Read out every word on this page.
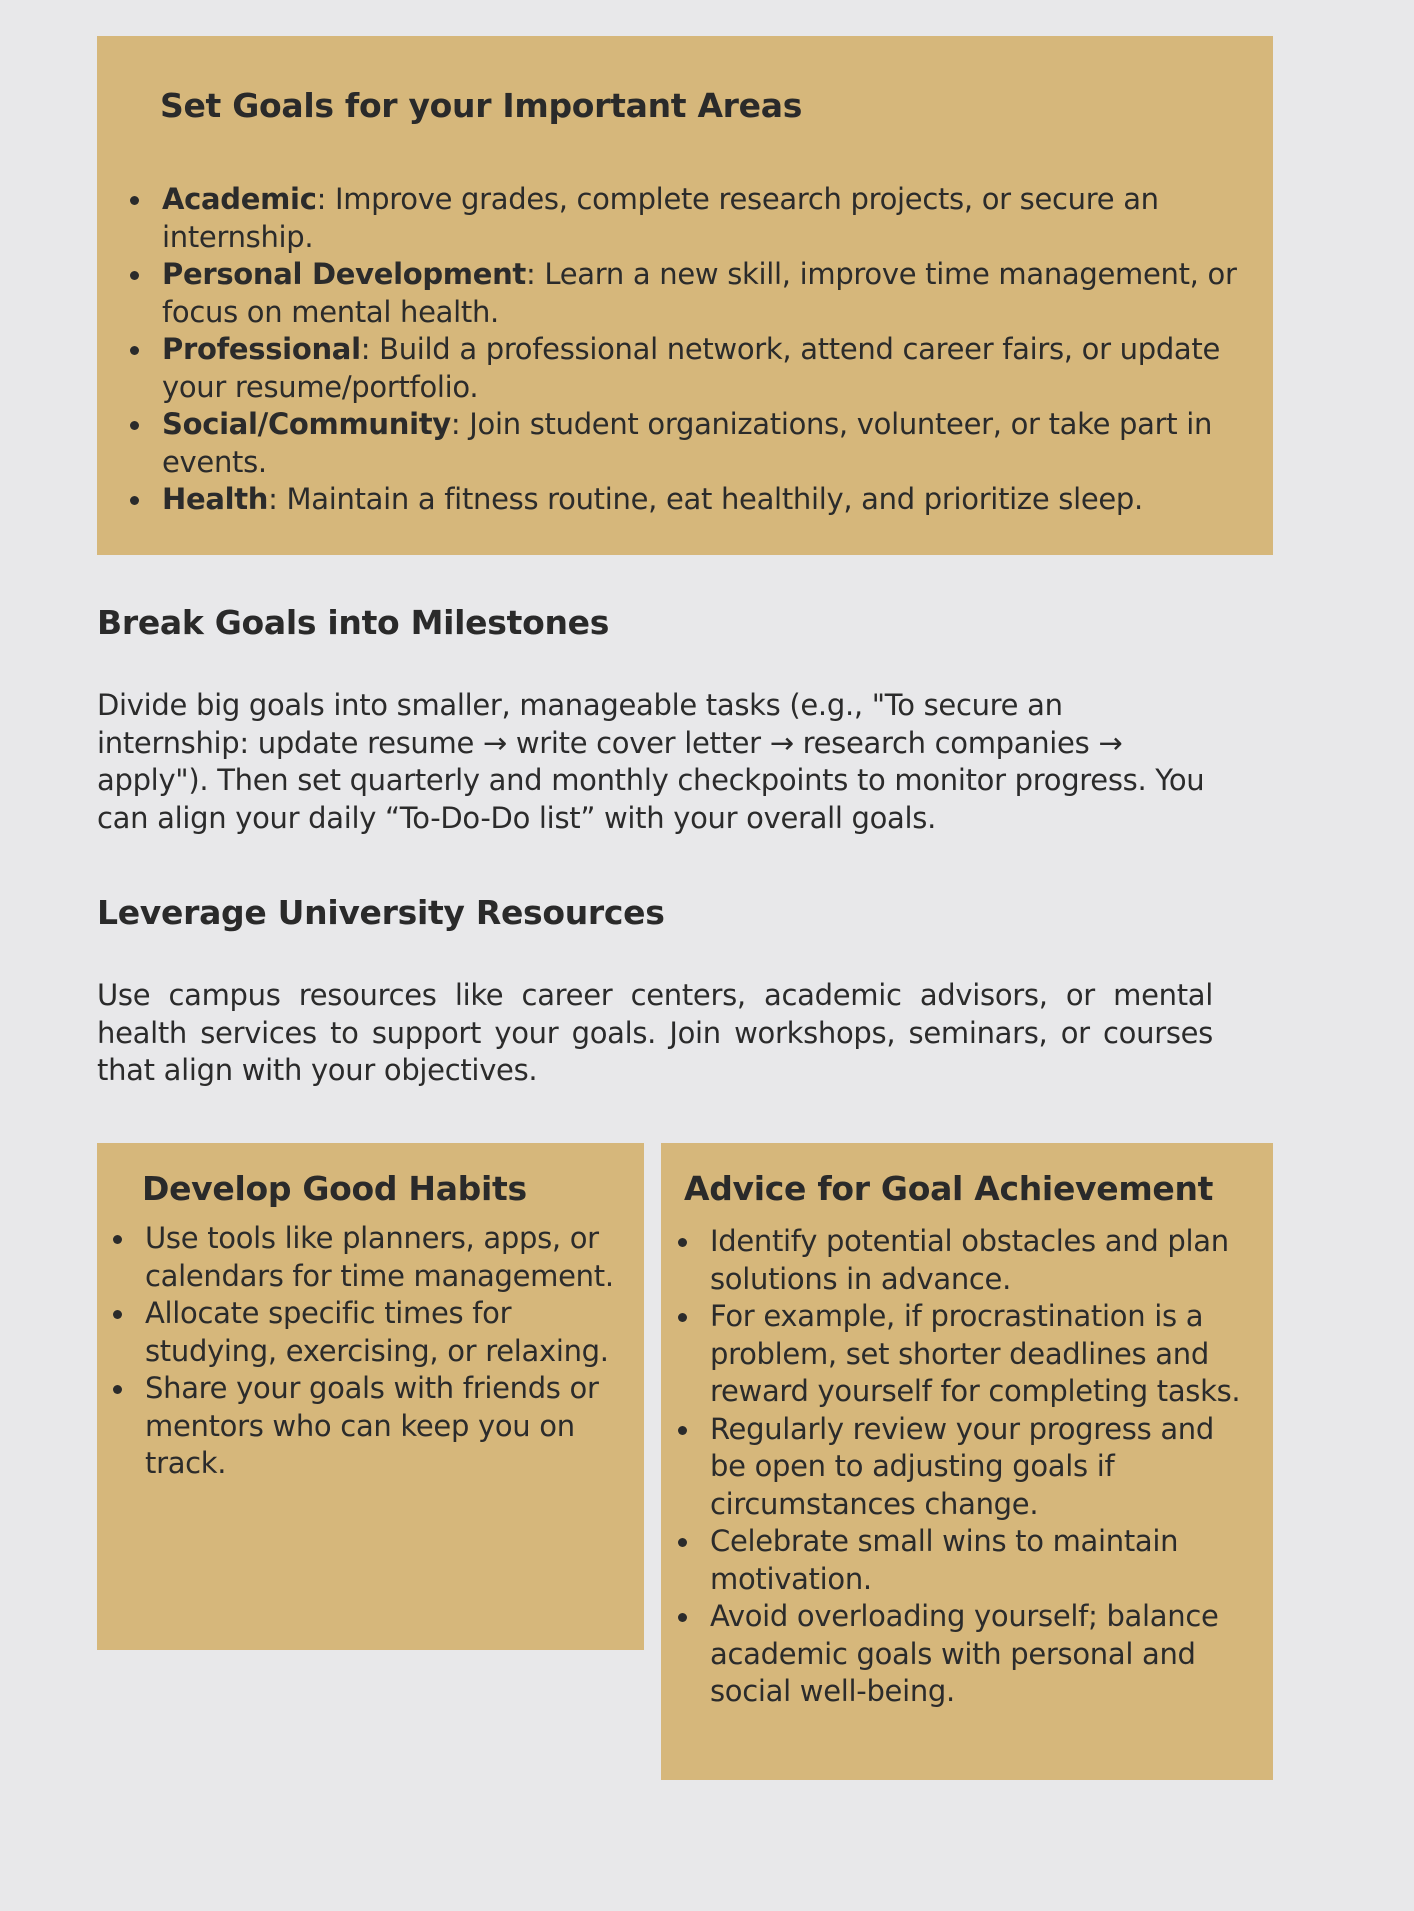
Set Goals for your Important Areas
Academic: Improve grades, complete research projects, or secure an internship.
Personal Development: Learn a new skill, improve time management, or focus on mental health.
Professional: Build a professional network, attend career fairs, or update your resume/portfolio.
Social/Community: Join student organizations, volunteer, or take part in events.
Health: Maintain a fitness routine, eat healthily, and prioritize sleep.
Break Goals into Milestones

Divide big goals into smaller, manageable tasks (e.g., "To secure an internship: update resume → write cover letter → research companies → apply"). Then set quarterly and monthly checkpoints to monitor progress. You can align your daily “To-Do-Do list” with your overall goals.

Leverage University Resources

Use campus resources like career centers, academic advisors, or mental health services to support your goals. Join workshops, seminars, or courses that align with your objectives.

Develop Good Habits
Use tools like planners, apps, or calendars for time management.
Allocate specific times for studying, exercising, or relaxing.
Share your goals with friends or mentors who can keep you on track.
Advice for Goal Achievement
Identify potential obstacles and plan solutions in advance.
For example, if procrastination is a problem, set shorter deadlines and reward yourself for completing tasks.
Regularly review your progress and be open to adjusting goals if circumstances change.
Celebrate small wins to maintain motivation.
Avoid overloading yourself; balance academic goals with personal and social well-being.
